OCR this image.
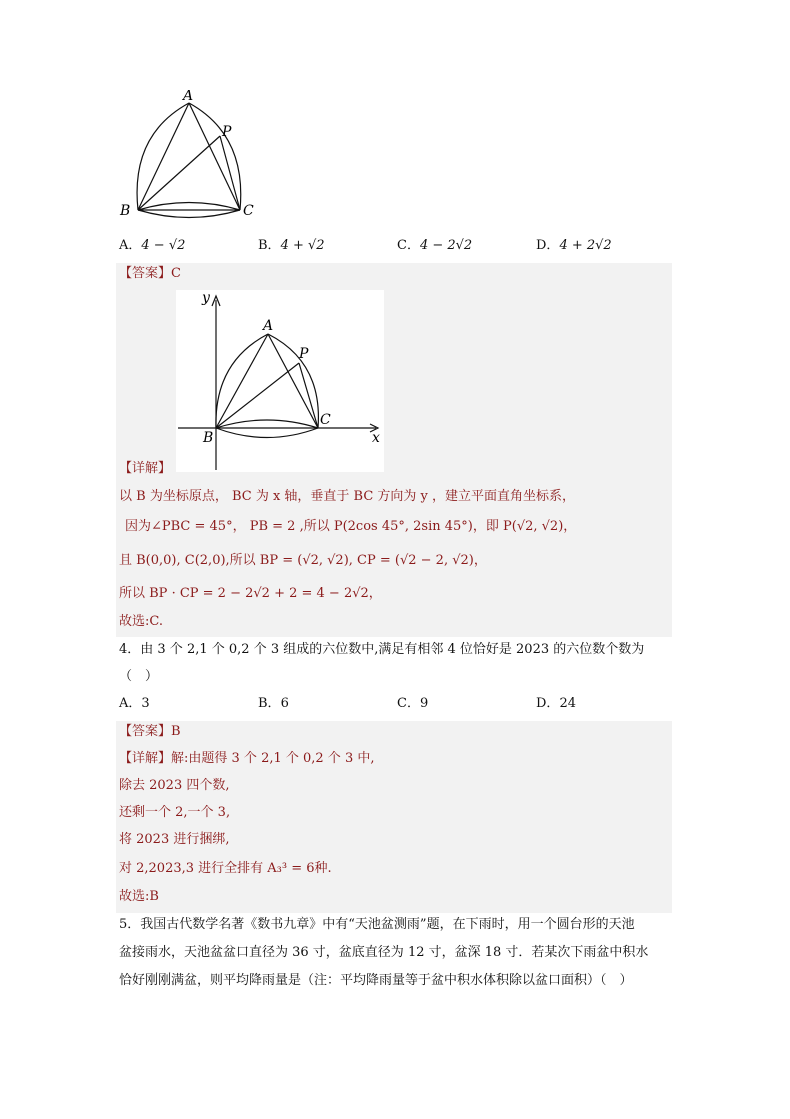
A
P
B	C
A．4 − √2	B．4 + √2	C．4 − 2√2	D．4 + 2√2
【答案】C
y
x
A
P
B
C
【详解】
以 B 为坐标原点， BC 为 x 轴，垂直于 BC 方向为 y ，建立平面直角坐标系，
因为∠PBC = 45°， PB = 2 ,所以 P(2cos 45°, 2sin 45°)，即 P(√2, √2)，
且 B(0,0), C(2,0),所以 BP = (√2, √2), CP = (√2 − 2, √2)，
所以 BP · CP = 2 − 2√2 + 2 = 4 − 2√2，
故选:C.
4．由 3 个 2,1 个 0,2 个 3 组成的六位数中,满足有相邻 4 位恰好是 2023 的六位数个数为
（　）
A．3	B．6	C．9	D．24
【答案】B
【详解】解:由题得 3 个 2,1 个 0,2 个 3 中,
除去 2023 四个数,
还剩一个 2,一个 3,
将 2023 进行捆绑,
对 2,2023,3 进行全排有 A₃³ = 6种.
故选:B
5．我国古代数学名著《数书九章》中有“天池盆测雨”题，在下雨时，用一个圆台形的天池
盆接雨水，天池盆盆口直径为 36 寸，盆底直径为 12 寸，盆深 18 寸．若某次下雨盆中积水
恰好刚刚满盆，则平均降雨量是（注：平均降雨量等于盆中积水体积除以盆口面积）（　）
